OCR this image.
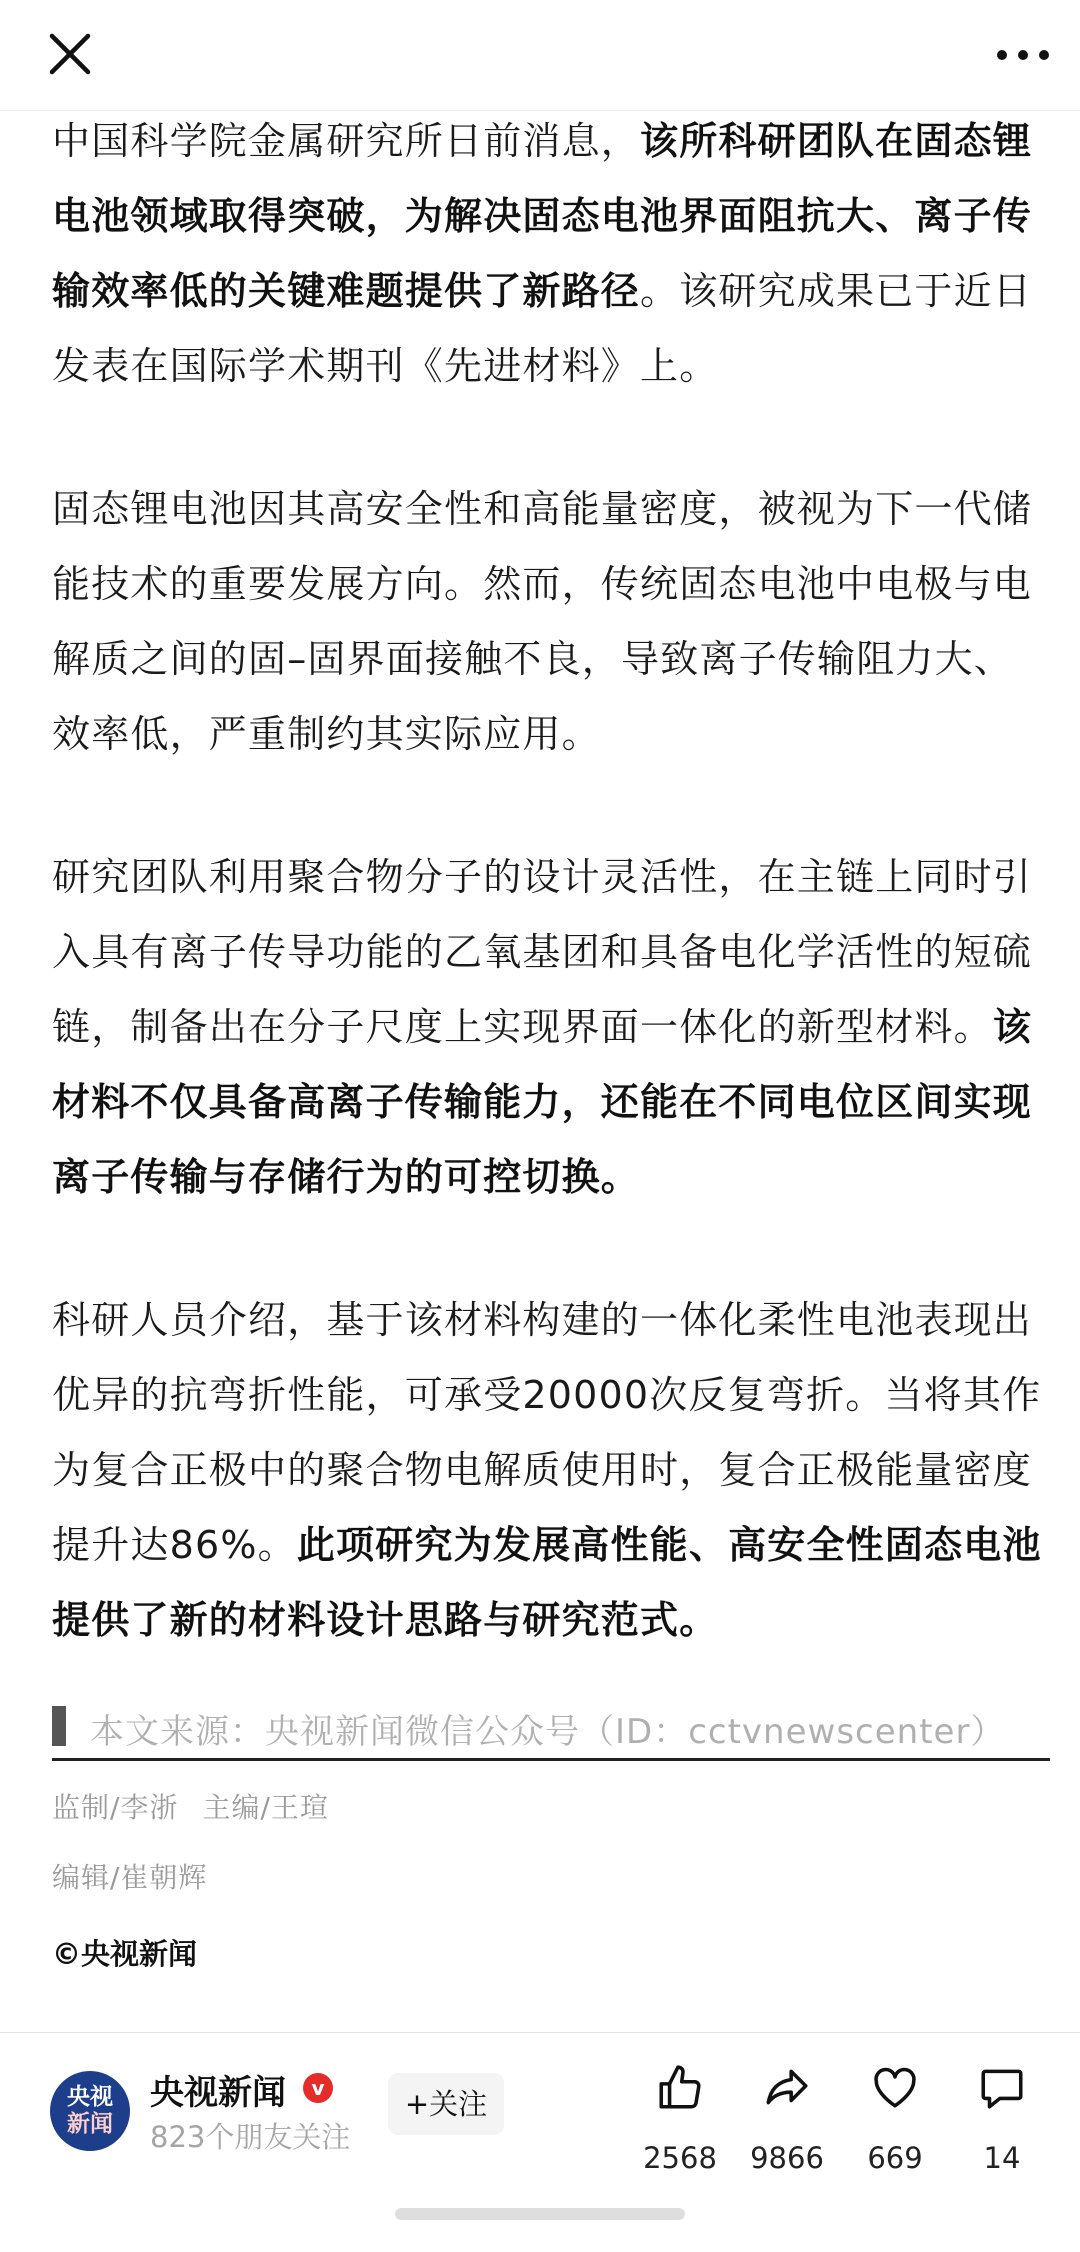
中国科学院金属研究所日前消息，该所科研团队在固态锂电池领域取得突破，为解决固态电池界面阻抗大、离子传输效率低的关键难题提供了新路径。该研究成果已于近日发表在国际学术期刊《先进材料》上。

固态锂电池因其高安全性和高能量密度，被视为下一代储能技术的重要发展方向。然而，传统固态电池中电极与电解质之间的固–固界面接触不良，导致离子传输阻力大、效率低，严重制约其实际应用。

研究团队利用聚合物分子的设计灵活性，在主链上同时引入具有离子传导功能的乙氧基团和具备电化学活性的短硫链，制备出在分子尺度上实现界面一体化的新型材料。该材料不仅具备高离子传输能力，还能在不同电位区间实现离子传输与存储行为的可控切换。

科研人员介绍，基于该材料构建的一体化柔性电池表现出优异的抗弯折性能，可承受20000次反复弯折。当将其作为复合正极中的聚合物电解质使用时，复合正极能量密度提升达86%。此项研究为发展高性能、高安全性固态电池提供了新的材料设计思路与研究范式。

本文来源：央视新闻微信公众号（ID：cctvnewscenter）
监制/李浙 主编/王瑄
编辑/崔朝辉
©央视新闻
央视
新闻
央视新闻	v
823个朋友关注
+关注
2568	9866	669	14
